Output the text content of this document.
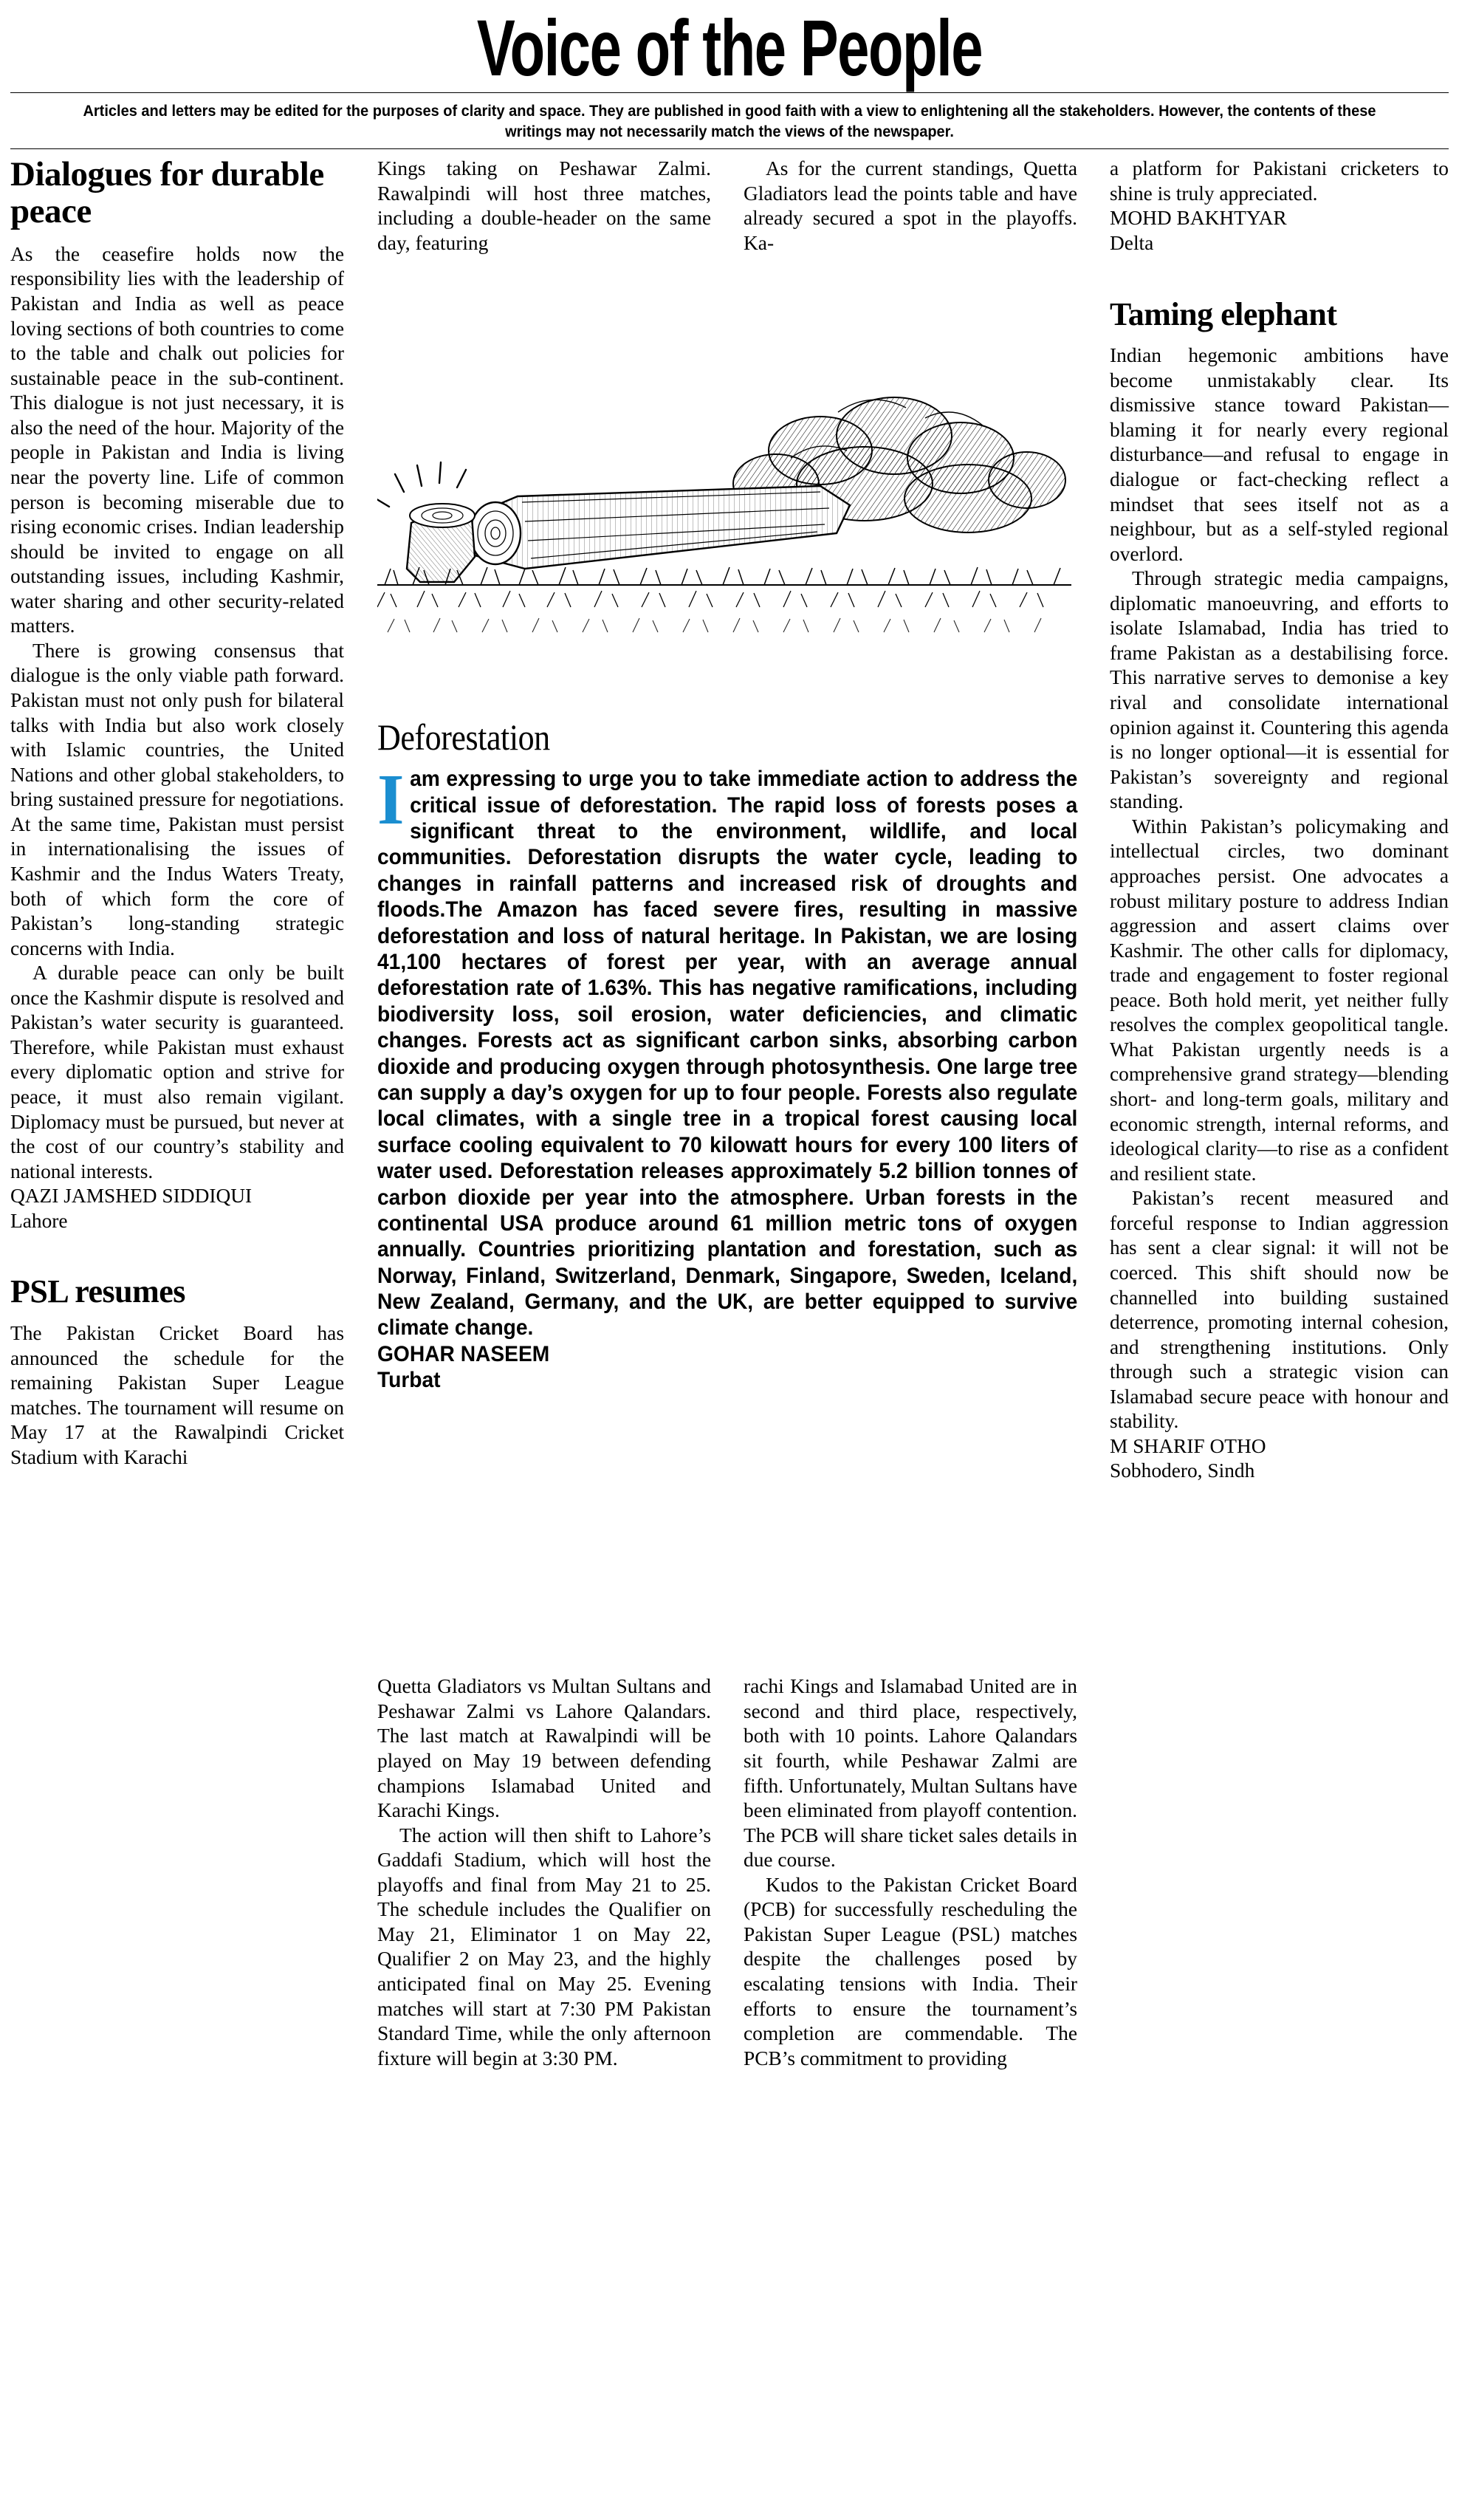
Voice of the People

Articles and letters may be edited for the purposes of clarity and space. They are published in good faith with a view to enlightening all the stakeholders. However, the contents of these writings may not necessarily match the views of the newspaper.

Dialogues for durable peace

As the ceasefire holds now the responsibility lies with the leadership of Pakistan and India as well as peace loving sections of both countries to come to the table and chalk out policies for sustainable peace in the sub-continent. This dialogue is not just necessary, it is also the need of the hour. Majority of the people in Pakistan and India is living near the poverty line. Life of common person is becoming miserable due to rising economic crises. Indian leadership should be invited to engage on all outstanding issues, including Kashmir, water sharing and other security-related matters.

There is growing consensus that dialogue is the only viable path forward. Pakistan must not only push for bilateral talks with India but also work closely with Islamic countries, the United Nations and other global stakeholders, to bring sustained pressure for negotiations. At the same time, Pakistan must persist in internationalising the issues of Kashmir and the Indus Waters Treaty, both of which form the core of Pakistan’s long-standing strategic concerns with India.

A durable peace can only be built once the Kashmir dispute is resolved and Pakistan’s water security is guaranteed. Therefore, while Pakistan must exhaust every diplomatic option and strive for peace, it must also remain vigilant. Diplomacy must be pursued, but never at the cost of our country’s stability and national interests.

QAZI JAMSHED SIDDIQUI
Lahore
PSL resumes

The Pakistan Cricket Board has announced the schedule for the remaining Pakistan Super League matches. The tournament will resume on May 17 at the Rawalpindi Cricket Stadium with Karachi

Kings taking on Peshawar Zalmi. Rawalpindi will host three matches, including a double-header on the same day, featuring

As for the current standings, Quetta Gladiators lead the points table and have already secured a spot in the playoffs. Ka-

a platform for Pakistani cricketers to shine is truly appreciated.

MOHD BAKHTYAR
Delta
Taming elephant

Indian hegemonic ambitions have become unmistakably clear. Its dismissive stance toward Pakistan—blaming it for nearly every regional disturbance—and refusal to engage in dialogue or fact-checking reflect a mindset that sees itself not as a neighbour, but as a self-styled regional overlord.

Through strategic media campaigns, diplomatic manoeuvring, and efforts to isolate Islamabad, India has tried to frame Pakistan as a destabilising force. This narrative serves to demonise a key rival and consolidate international opinion against it. Countering this agenda is no longer optional—it is essential for Pakistan’s sovereignty and regional standing.

Within Pakistan’s policymaking and intellectual circles, two dominant approaches persist. One advocates a robust military posture to address Indian aggression and assert claims over Kashmir. The other calls for diplomacy, trade and engagement to foster regional peace. Both hold merit, yet neither fully resolves the complex geopolitical tangle. What Pakistan urgently needs is a comprehensive grand strategy—blending short- and long-term goals, military and economic strength, internal reforms, and ideological clarity—to rise as a confident and resilient state.

Pakistan’s recent measured and forceful response to Indian aggression has sent a clear signal: it will not be coerced. This shift should now be channelled into building sustained deterrence, promoting internal cohesion, and strengthening institutions. Only through such a strategic vision can Islamabad secure peace with honour and stability.

M SHARIF OTHO
Sobhodero, Sindh
Deforestation
Iam expressing to urge you to take immediate action to address the critical issue of deforestation. The rapid loss of forests poses a significant threat to the environment, wildlife, and local communities. Deforestation disrupts the water cycle, leading to changes in rainfall patterns and increased risk of droughts and floods.The Amazon has faced severe fires, resulting in massive deforestation and loss of natural heritage. In Pakistan, we are losing 41,100 hectares of forest per year, with an average annual deforestation rate of 1.63%. This has negative ramifications, including biodiversity loss, soil erosion, water deficiencies, and climatic changes. Forests act as significant carbon sinks, absorbing carbon dioxide and producing oxygen through photosynthesis. One large tree can supply a day’s oxygen for up to four people. Forests also regulate local climates, with a single tree in a tropical forest causing local surface cooling equivalent to 70 kilowatt hours for every 100 liters of water used. Deforestation releases approximately 5.2 billion tonnes of carbon dioxide per year into the atmosphere. Urban forests in the continental USA produce around 61 million metric tons of oxygen annually. Countries prioritizing plantation and forestation, such as Norway, Finland, Switzerland, Denmark, Singapore, Sweden, Iceland, New Zealand, Germany, and the UK, are better equipped to survive climate change.
GOHAR NASEEM
Turbat

Quetta Gladiators vs Multan Sultans and Peshawar Zalmi vs Lahore Qalandars. The last match at Rawalpindi will be played on May 19 between defending champions Islamabad United and Karachi Kings.

The action will then shift to Lahore’s Gaddafi Stadium, which will host the playoffs and final from May 21 to 25. The schedule includes the Qualifier on May 21, Eliminator 1 on May 22, Qualifier 2 on May 23, and the highly anticipated final on May 25. Evening matches will start at 7:30 PM Pakistan Standard Time, while the only afternoon fixture will begin at 3:30 PM.

rachi Kings and Islamabad United are in second and third place, respectively, both with 10 points. Lahore Qalandars sit fourth, while Peshawar Zalmi are fifth. Unfortunately, Multan Sultans have been eliminated from playoff contention. The PCB will share ticket sales details in due course.

Kudos to the Pakistan Cricket Board (PCB) for successfully rescheduling the Pakistan Super League (PSL) matches despite the challenges posed by escalating tensions with India. Their efforts to ensure the tournament’s completion are commendable. The PCB’s commitment to providing
